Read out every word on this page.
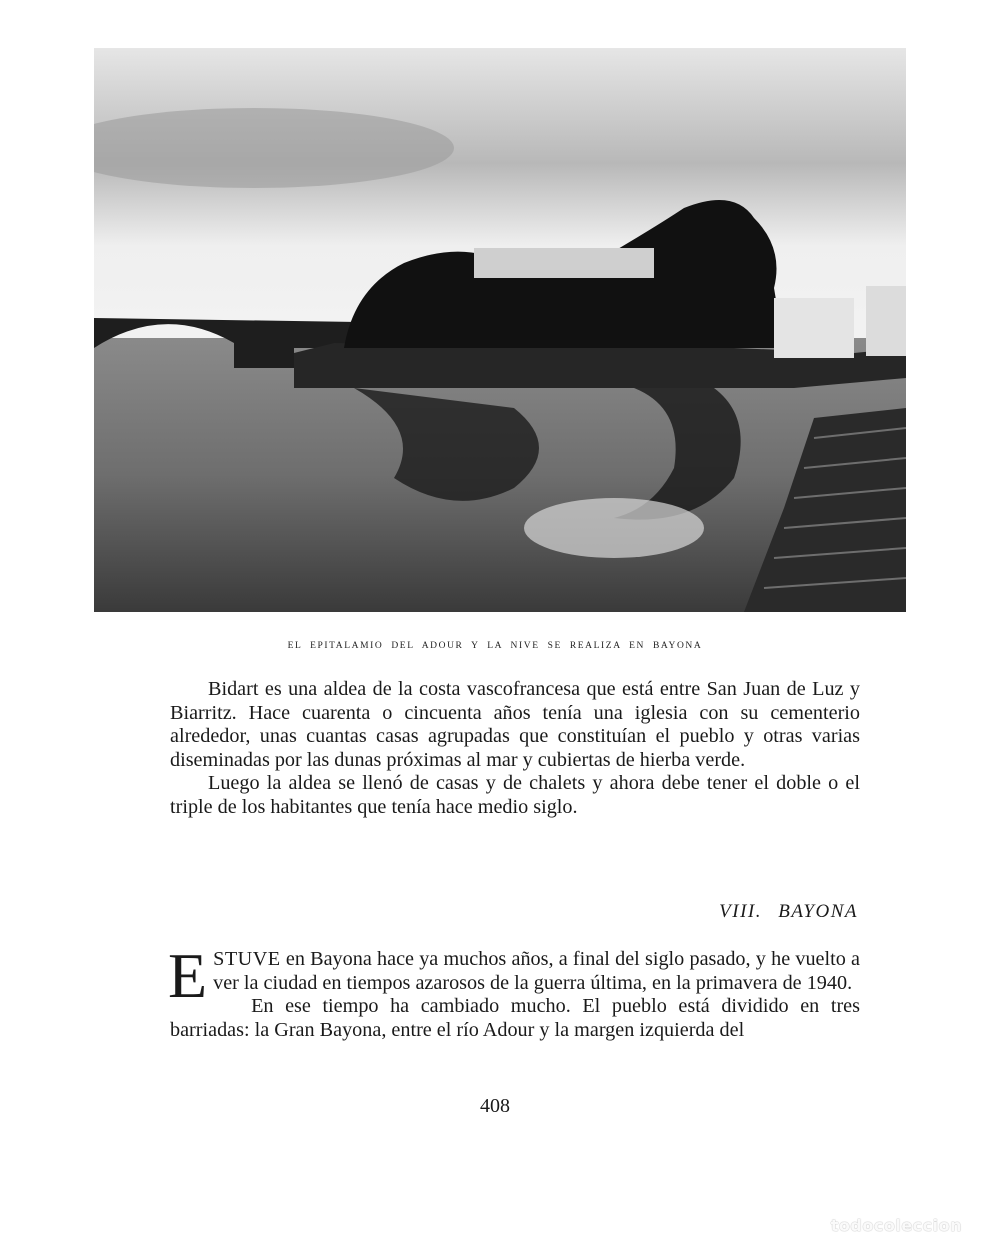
EL EPITALAMIO DEL ADOUR Y LA NIVE SE REALIZA EN BAYONA

Bidart es una aldea de la costa vascofrancesa que está entre San Juan de Luz y Biarritz. Hace cuarenta o cincuenta años tenía una iglesia con su cementerio alrededor, unas cuantas casas agrupadas que constituían el pueblo y otras varias diseminadas por las dunas próximas al mar y cubiertas de hierba verde.

Luego la aldea se llenó de casas y de chalets y ahora debe tener el doble o el triple de los habitantes que tenía hace medio siglo.

VIII. BAYONA

ESTUVE en Bayona hace ya muchos años, a final del siglo pasado, y he vuelto a ver la ciudad en tiempos azarosos de la guerra última, en la primavera de 1940.

En ese tiempo ha cambiado mucho. El pueblo está dividido en tres barriadas: la Gran Bayona, entre el río Adour y la margen izquierda del

408
todocoleccion
